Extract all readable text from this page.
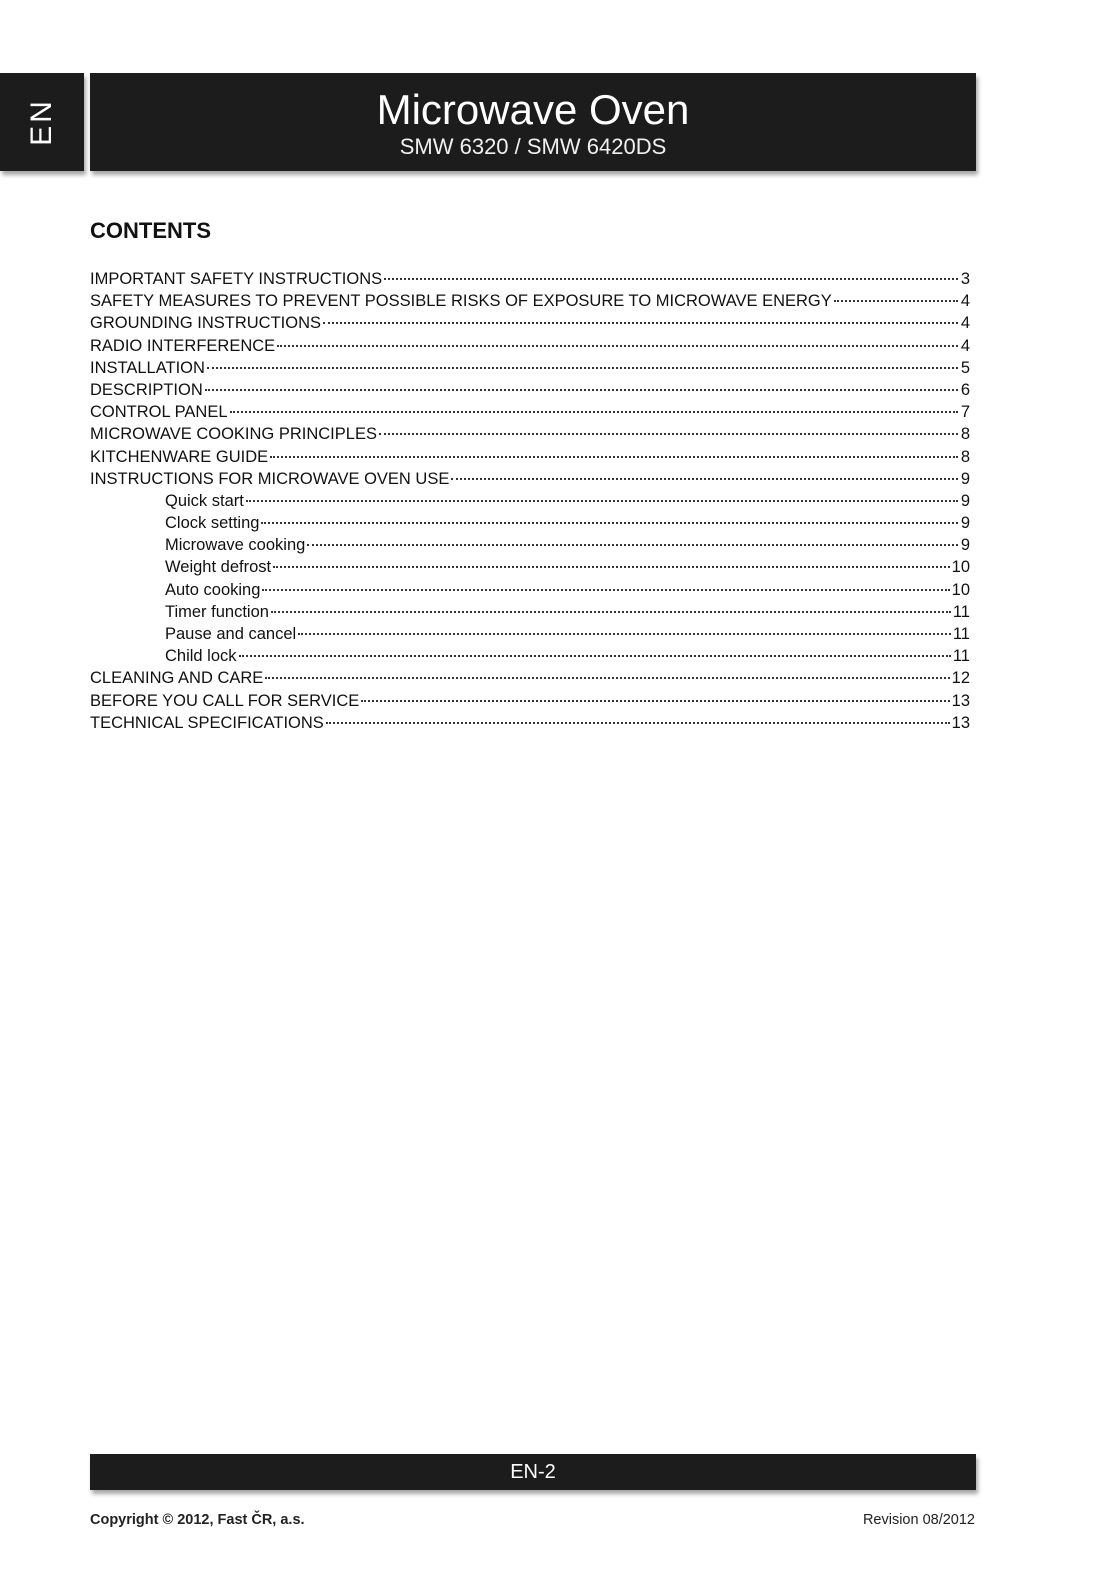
EN	Microwave Oven
SMW 6320 / SMW 6420DS
CONTENTS
IMPORTANT SAFETY INSTRUCTIONS	3
SAFETY MEASURES TO PREVENT POSSIBLE RISKS OF EXPOSURE TO MICROWAVE ENERGY	4
GROUNDING INSTRUCTIONS	4
RADIO INTERFERENCE	4
INSTALLATION	5
DESCRIPTION	6
CONTROL PANEL	7
MICROWAVE COOKING PRINCIPLES	8
KITCHENWARE GUIDE	8
INSTRUCTIONS FOR MICROWAVE OVEN USE	9
Quick start	9
Clock setting	9
Microwave cooking	9
Weight defrost	10
Auto cooking	10
Timer function	11
Pause and cancel	11
Child lock	11
CLEANING AND CARE	12
BEFORE YOU CALL FOR SERVICE	13
TECHNICAL SPECIFICATIONS	13
EN-2
Copyright © 2012, Fast ČR, a.s.	Revision 08/2012
